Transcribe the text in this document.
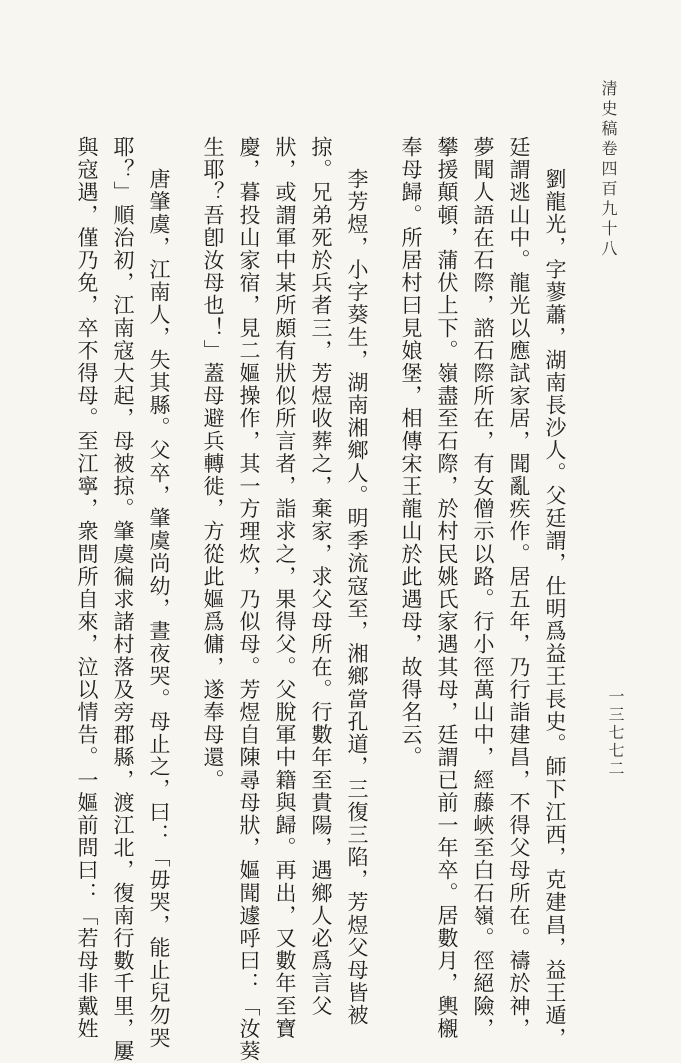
清史稿卷四百九十八
一三七七二
劉龍光，字蓼蕭，湖南長沙人。父廷謂，仕明爲益王長史。師下江西，克建昌，益王遁，
廷謂逃山中。龍光以應試家居，聞亂疾作。居五年，乃行詣建昌，不得父母所在。禱於神，
夢聞人語在石際，諮石際所在，有女僧示以路。行小徑萬山中，經藤峽至白石嶺。徑絕險，
攀援顛頓，蒲伏上下。嶺盡至石際，於村民姚氏家遇其母，廷謂已前一年卒。居數月，輿櫬
奉母歸。所居村曰見娘堡，相傳宋王龍山於此遇母，故得名云。
李芳煜，小字葵生，湖南湘鄉人。明季流寇至，湘鄉當孔道，三復三陷，芳煜父母皆被
掠。兄弟死於兵者三，芳煜收葬之，棄家，求父母所在。行數年至貴陽，遇鄉人必爲言父
狀，或謂軍中某所頗有狀似所言者，詣求之，果得父。父脫軍中籍與歸。再出，又數年至寶
慶，暮投山家宿，見二嫗操作，其一方理炊，乃似母。芳煜自陳尋母狀，嫗聞遽呼曰：「汝葵
生耶？吾卽汝母也！」蓋母避兵轉徙，方從此嫗爲傭，遂奉母還。
唐肇虞，江南人，失其縣。父卒，肇虞尚幼，晝夜哭。母止之，曰：「毋哭，能止兒勿哭
耶？」順治初，江南寇大起，母被掠。肇虞徧求諸村落及旁郡縣，渡江北，復南行數千里，屢
與寇遇，僅乃免，卒不得母。至江寧，衆問所自來，泣以情告。一嫗前問曰：「若母非戴姓
